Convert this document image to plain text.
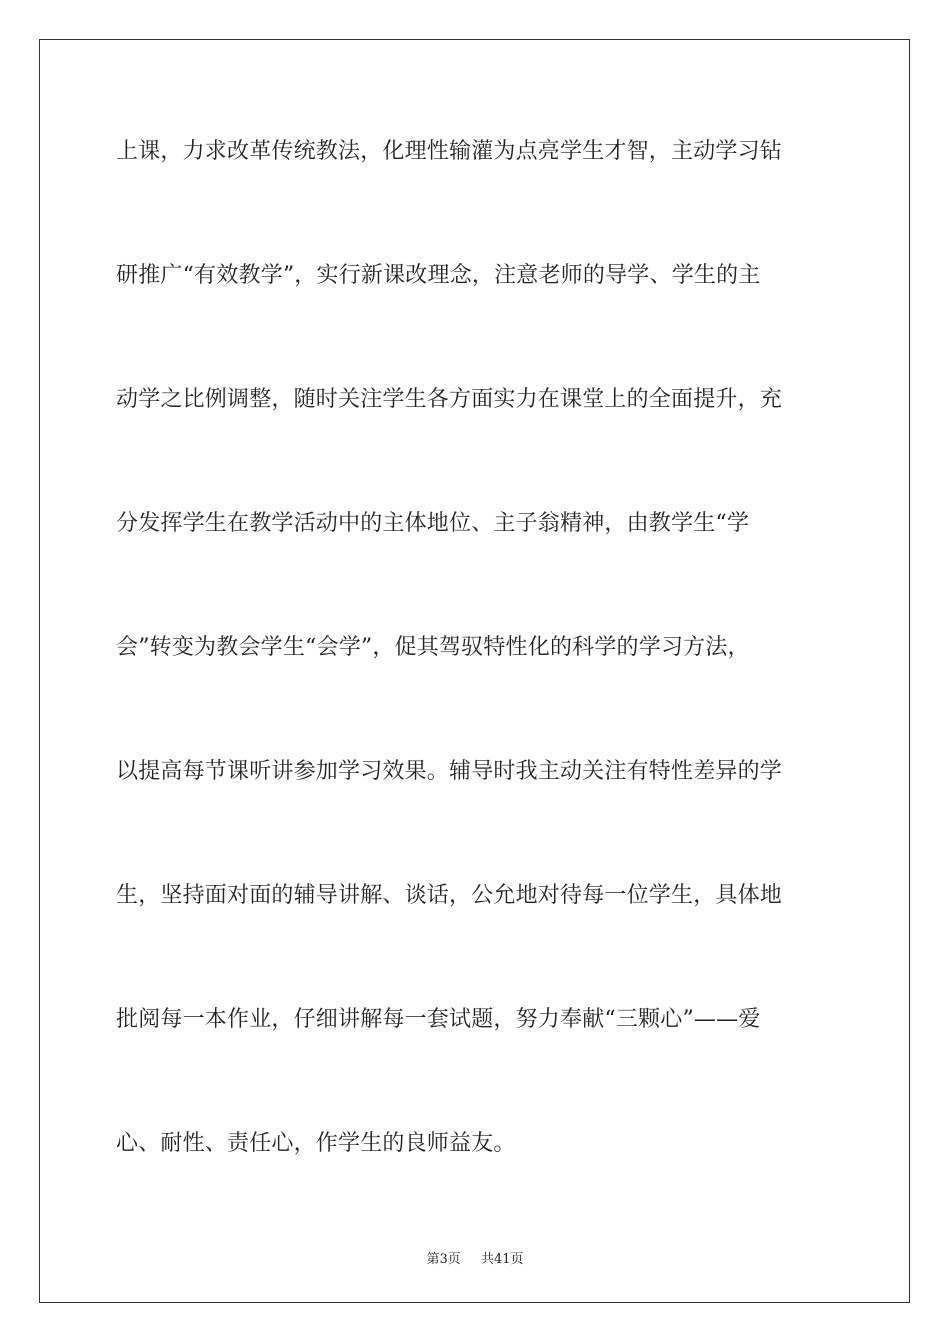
上课，力求改革传统教法，化理性输灌为点亮学生才智，主动学习钻
研推广“有效教学”，实行新课改理念，注意老师的导学、学生的主
动学之比例调整，随时关注学生各方面实力在课堂上的全面提升，充
分发挥学生在教学活动中的主体地位、主子翁精神，由教学生“学
会”转变为教会学生“会学”，促其驾驭特性化的科学的学习方法，
以提高每节课听讲参加学习效果。辅导时我主动关注有特性差异的学
生，坚持面对面的辅导讲解、谈话，公允地对待每一位学生，具体地
批阅每一本作业，仔细讲解每一套试题，努力奉献“三颗心”——爱
心、耐性、责任心，作学生的良师益友。
第3页 共41页
